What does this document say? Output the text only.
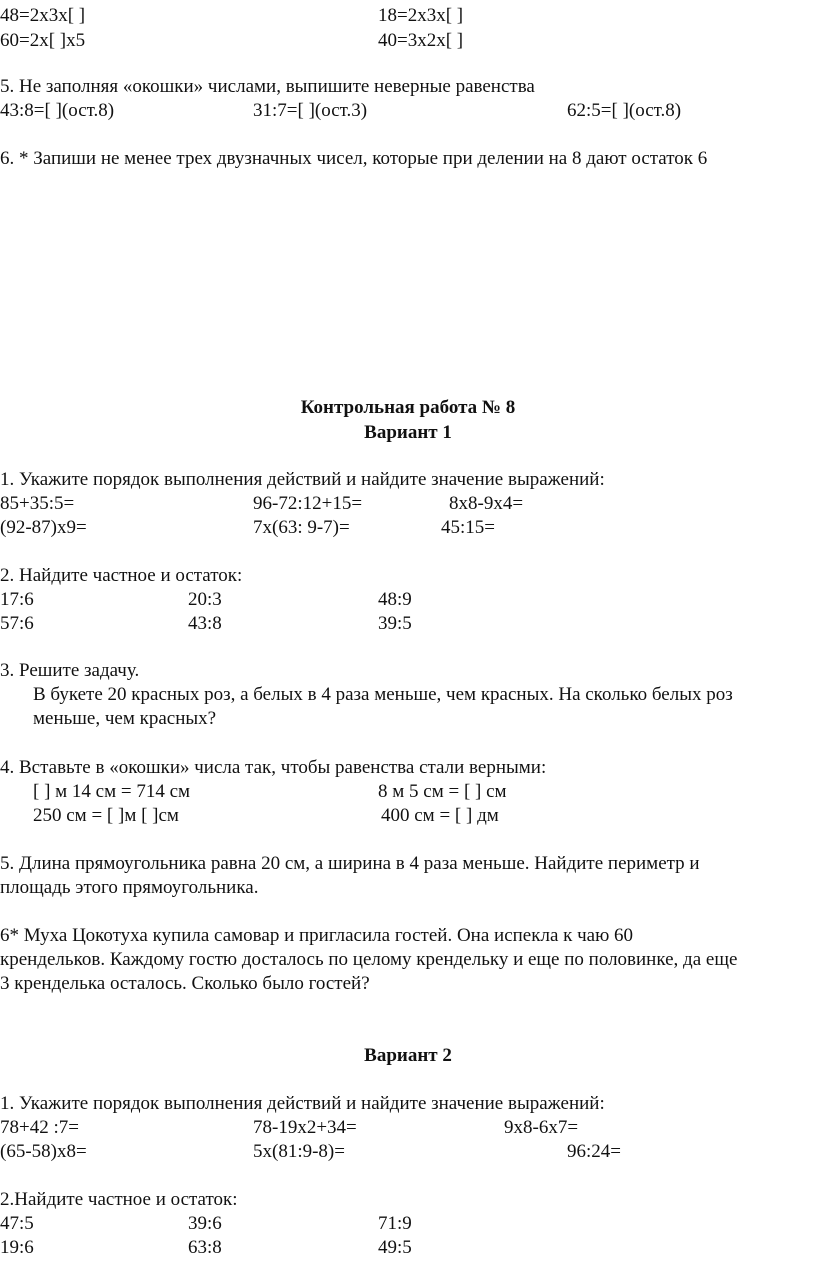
48=2x3x[ ]	18=2x3x[ ]
60=2x[ ]x5	40=3x2x[ ]
5. Не заполняя «окошки» числами, выпишите неверные равенства
43:8=[ ](ост.8)	31:7=[ ](ост.3)	62:5=[ ](ост.8)
6. * Запиши не менее трех двузначных чисел, которые при делении на 8 дают остаток 6
Контрольная работа № 8
Вариант 1
1. Укажите порядок выполнения действий и найдите значение выражений:
85+35:5=	96-72:12+15=	8x8-9x4=
(92-87)x9=	7x(63: 9-7)=	45:15=
2. Найдите частное и остаток:
17:6	20:3	48:9
57:6	43:8	39:5
3. Решите задачу.
В букете 20 красных роз, а белых в 4 раза меньше, чем красных. На сколько белых роз
меньше, чем красных?
4. Вставьте в «окошки» числа так, чтобы равенства стали верными:
[ ] м 14 см = 714 см	8 м 5 см = [ ] см
250 см = [ ]м [ ]см	400 см = [ ] дм
5. Длина прямоугольника равна 20 см, а ширина в 4 раза меньше. Найдите периметр и
площадь этого прямоугольника.
6* Муха Цокотуха купила самовар и пригласила гостей. Она испекла к чаю 60
крендельков. Каждому гостю досталось по целому крендельку и еще по половинке, да еще
3 кренделька осталось. Сколько было гостей?
Вариант 2
1. Укажите порядок выполнения действий и найдите значение выражений:
78+42 :7=	78-19x2+34=	9x8-6x7=
(65-58)x8=	5x(81:9-8)=	96:24=
2.Найдите частное и остаток:
47:5	39:6	71:9
19:6	63:8	49:5
